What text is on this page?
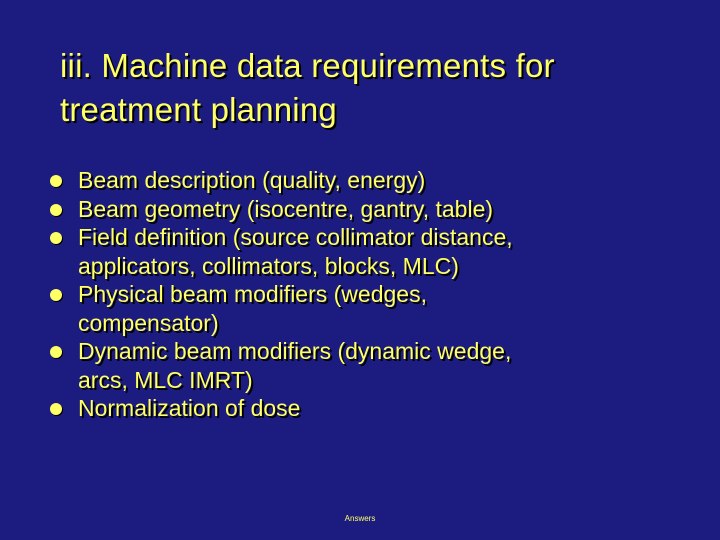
iii. Machine data requirements for
treatment planning
Beam description (quality, energy)
Beam geometry (isocentre, gantry, table)
Field definition (source collimator distance,
applicators, collimators, blocks, MLC)
Physical beam modifiers (wedges,
compensator)
Dynamic beam modifiers (dynamic wedge,
arcs, MLC IMRT)
Normalization of dose
Answers
